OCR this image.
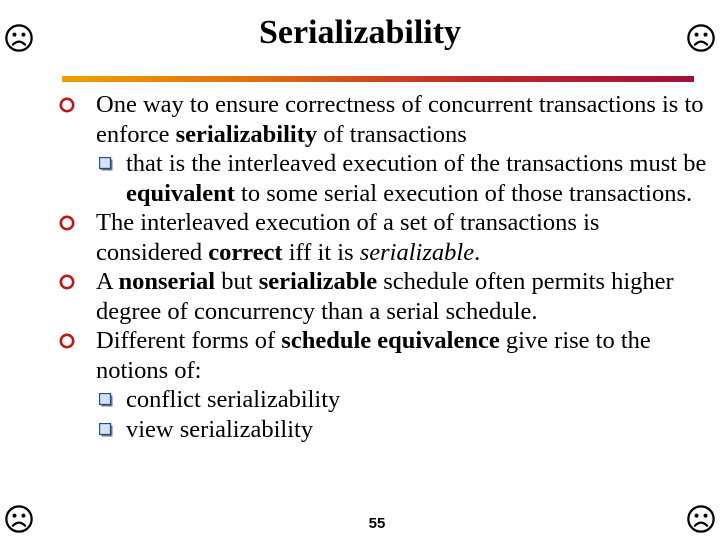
Serializability
One way to ensure correctness of concurrent transactions is to enforce serializability of transactions
that is the interleaved execution of the transactions must be equivalent to some serial execution of those transactions.
The interleaved execution of a set of transactions is considered correct iff it is serializable.
A nonserial but serializable schedule often permits higher degree of concurrency than a serial schedule.
Different forms of schedule equivalence give rise to the notions of:
conflict serializability
view serializability
55
